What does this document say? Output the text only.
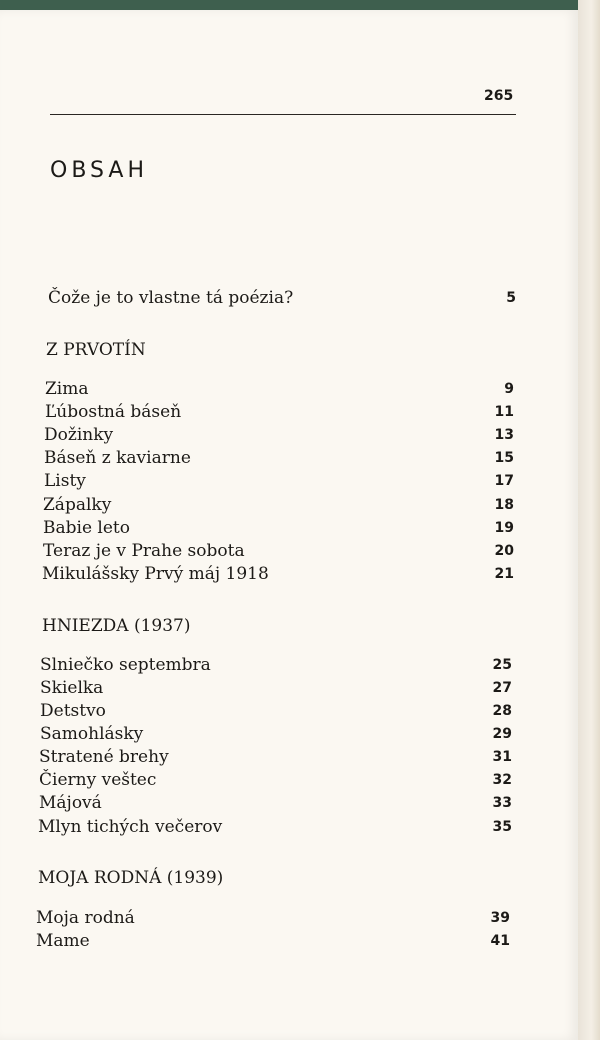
265
OBSAH
Čože je to vlastne tá poézia?	5
Z PRVOTÍN
Zima	9
Ľúbostná báseň	11
Dožinky	13
Báseň z kaviarne	15
Listy	17
Zápalky	18
Babie leto	19
Teraz je v Prahe sobota	20
Mikulášsky Prvý máj 1918	21
HNIEZDA (1937)
Slniečko septembra	25
Skielka	27
Detstvo	28
Samohlásky	29
Stratené brehy	31
Čierny veštec	32
Májová	33
Mlyn tichých večerov	35
MOJA RODNÁ (1939)
Moja rodná	39
Mame	41
